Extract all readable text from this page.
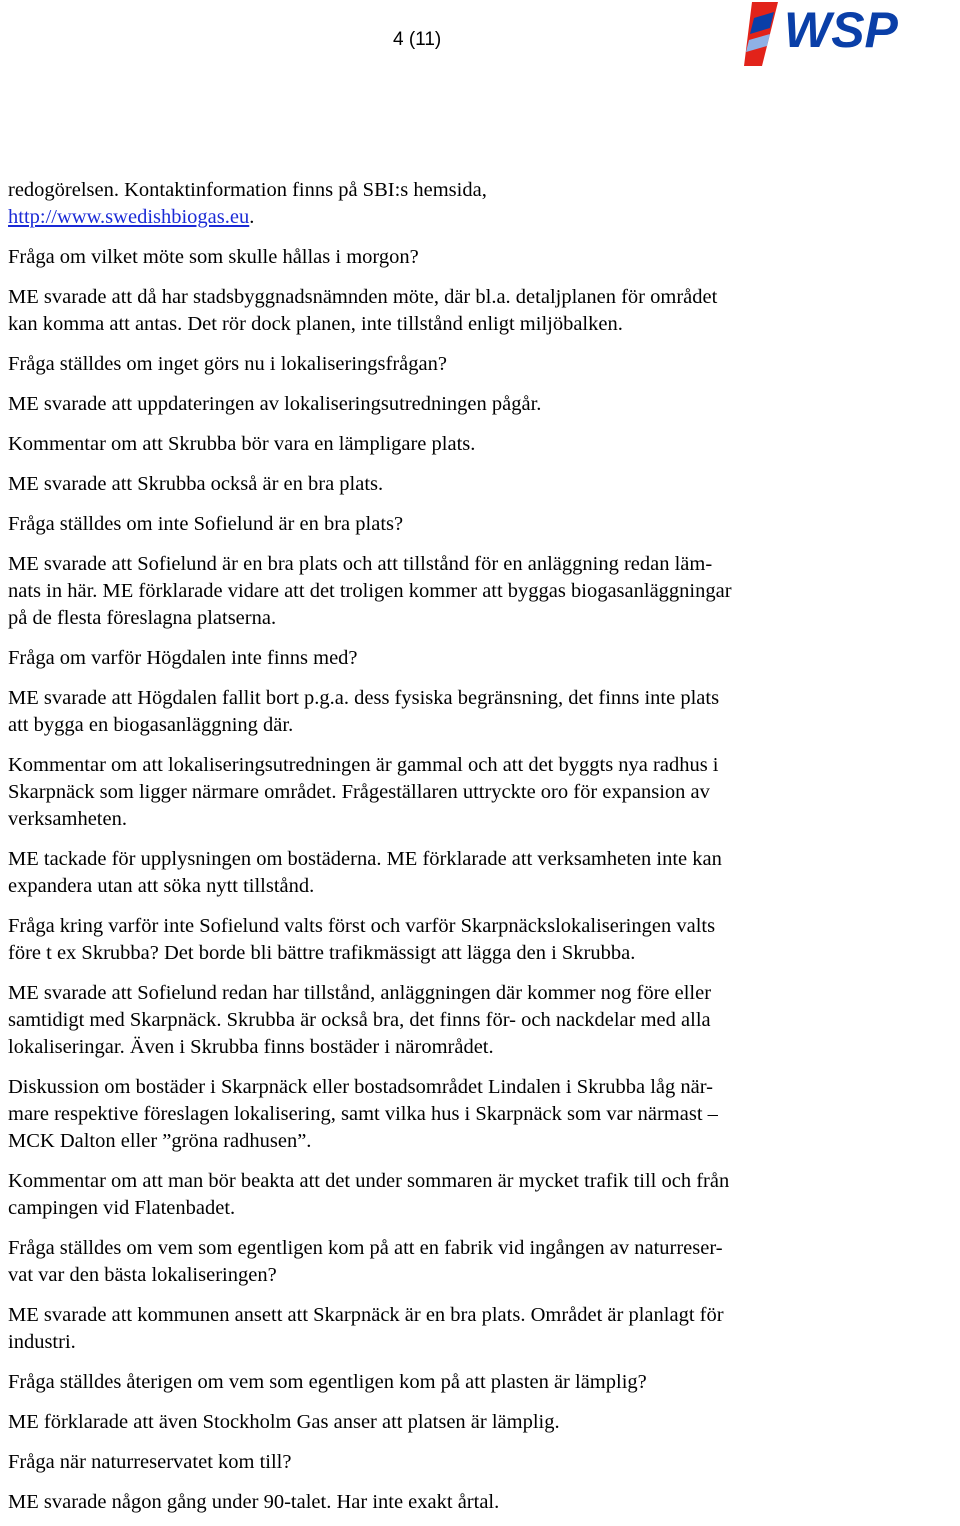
4 (11)	WSP
redogörelsen. Kontaktinformation finns på SBI:s hemsida,
http://www.swedishbiogas.eu.
Fråga om vilket möte som skulle hållas i morgon?
ME svarade att då har stadsbyggnadsnämnden möte, där bl.a. detaljplanen för området
kan komma att antas. Det rör dock planen, inte tillstånd enligt miljöbalken.
Fråga ställdes om inget görs nu i lokaliseringsfrågan?
ME svarade att uppdateringen av lokaliseringsutredningen pågår.
Kommentar om att Skrubba bör vara en lämpligare plats.
ME svarade att Skrubba också är en bra plats.
Fråga ställdes om inte Sofielund är en bra plats?
ME svarade att Sofielund är en bra plats och att tillstånd för en anläggning redan läm-
nats in här. ME förklarade vidare att det troligen kommer att byggas biogasanläggningar
på de flesta föreslagna platserna.
Fråga om varför Högdalen inte finns med?
ME svarade att Högdalen fallit bort p.g.a. dess fysiska begränsning, det finns inte plats
att bygga en biogasanläggning där.
Kommentar om att lokaliseringsutredningen är gammal och att det byggts nya radhus i
Skarpnäck som ligger närmare området. Frågeställaren uttryckte oro för expansion av
verksamheten.
ME tackade för upplysningen om bostäderna. ME förklarade att verksamheten inte kan
expandera utan att söka nytt tillstånd.
Fråga kring varför inte Sofielund valts först och varför Skarpnäckslokaliseringen valts
före t ex Skrubba? Det borde bli bättre trafikmässigt att lägga den i Skrubba.
ME svarade att Sofielund redan har tillstånd, anläggningen där kommer nog före eller
samtidigt med Skarpnäck. Skrubba är också bra, det finns för- och nackdelar med alla
lokaliseringar. Även i Skrubba finns bostäder i närområdet.
Diskussion om bostäder i Skarpnäck eller bostadsområdet Lindalen i Skrubba låg när-
mare respektive föreslagen lokalisering, samt vilka hus i Skarpnäck som var närmast –
MCK Dalton eller ”gröna radhusen”.
Kommentar om att man bör beakta att det under sommaren är mycket trafik till och från
campingen vid Flatenbadet.
Fråga ställdes om vem som egentligen kom på att en fabrik vid ingången av naturreser-
vat var den bästa lokaliseringen?
ME svarade att kommunen ansett att Skarpnäck är en bra plats. Området är planlagt för
industri.
Fråga ställdes återigen om vem som egentligen kom på att plasten är lämplig?
ME förklarade att även Stockholm Gas anser att platsen är lämplig.
Fråga när naturreservatet kom till?
ME svarade någon gång under 90-talet. Har inte exakt årtal.
